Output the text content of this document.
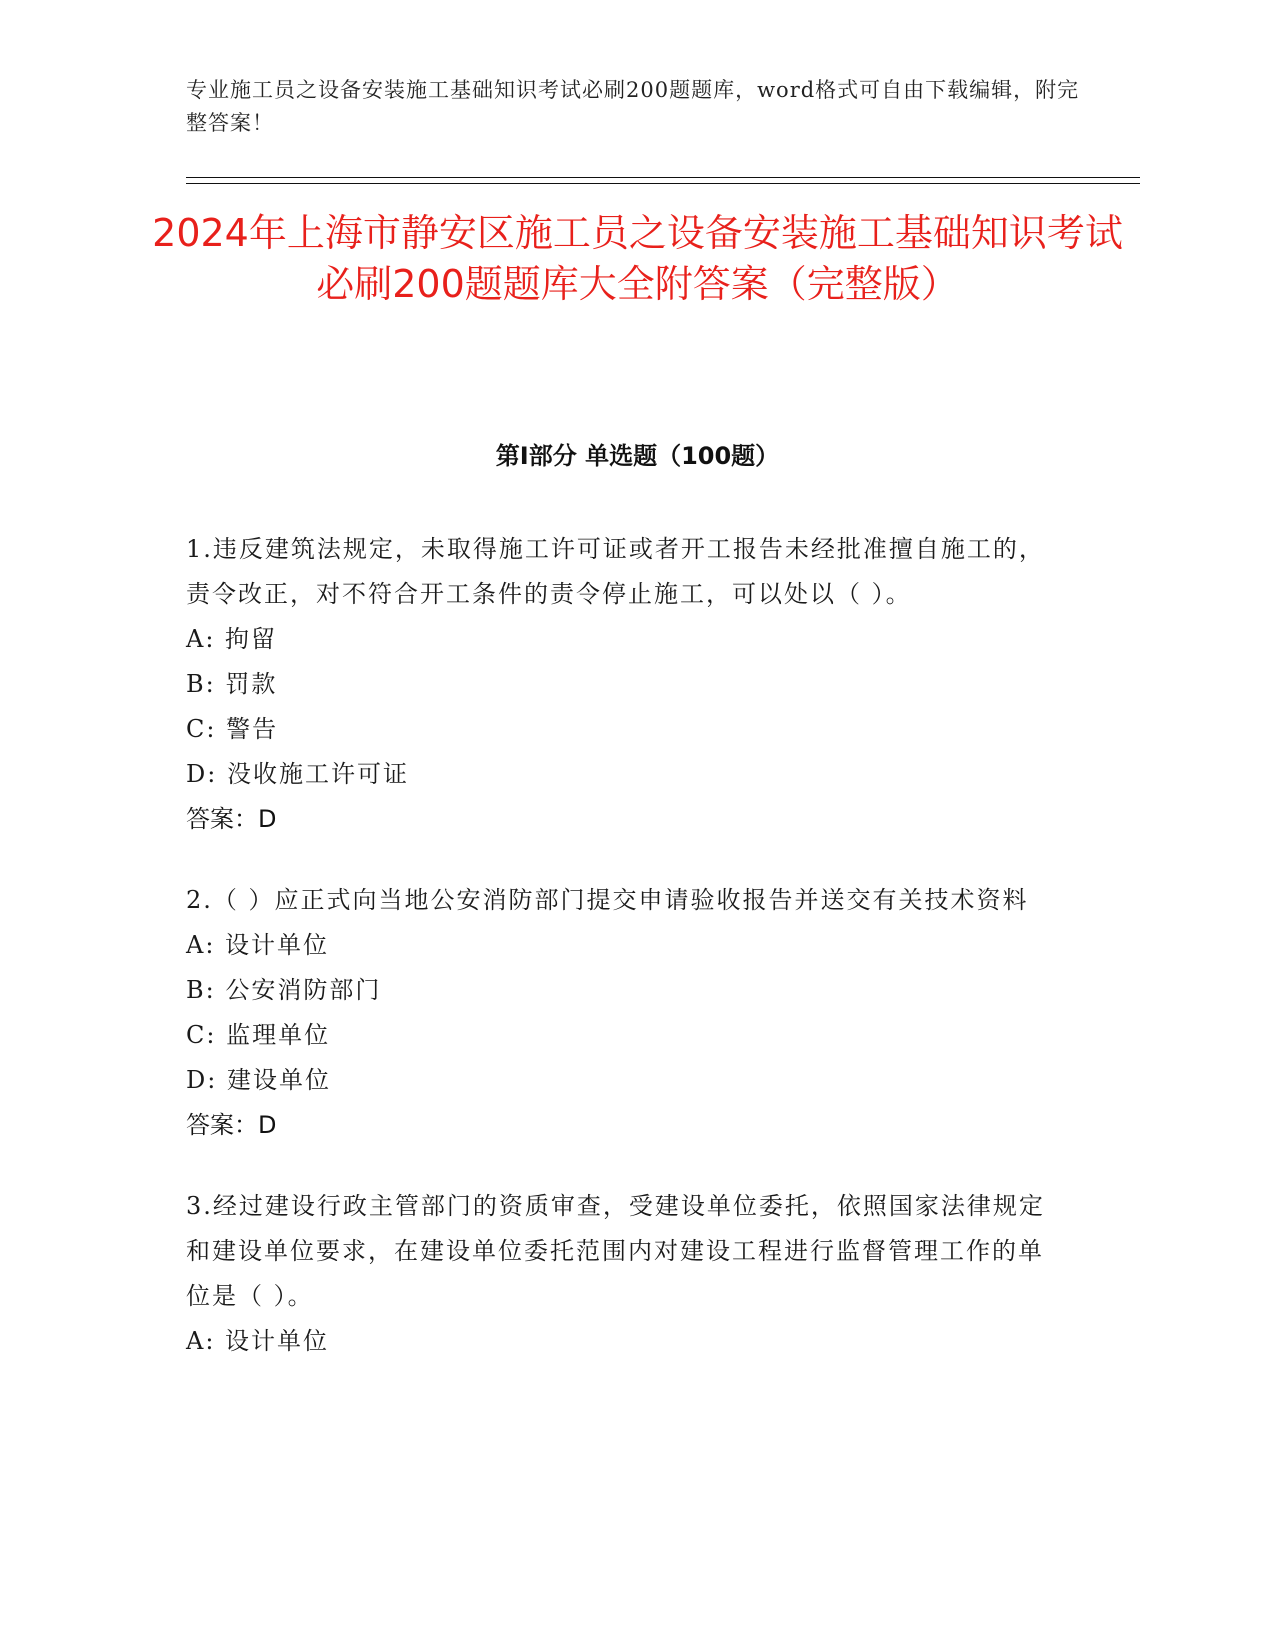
专业施工员之设备安装施工基础知识考试必刷200题题库，word格式可自由下载编辑，附完整答案！
2024年上海市静安区施工员之设备安装施工基础知识考试必刷200题题库大全附答案（完整版）
第Ⅰ部分 单选题（100题）
1.违反建筑法规定，未取得施工许可证或者开工报告未经批准擅自施工的，责令改正，对不符合开工条件的责令停止施工，可以处以（ ）。
A: 拘留
B: 罚款
C: 警告
D: 没收施工许可证
答案：D
2.（ ）应正式向当地公安消防部门提交申请验收报告并送交有关技术资料
A: 设计单位
B: 公安消防部门
C: 监理单位
D: 建设单位
答案：D
3.经过建设行政主管部门的资质审查，受建设单位委托，依照国家法律规定和建设单位要求，在建设单位委托范围内对建设工程进行监督管理工作的单位是（ ）。
A: 设计单位
